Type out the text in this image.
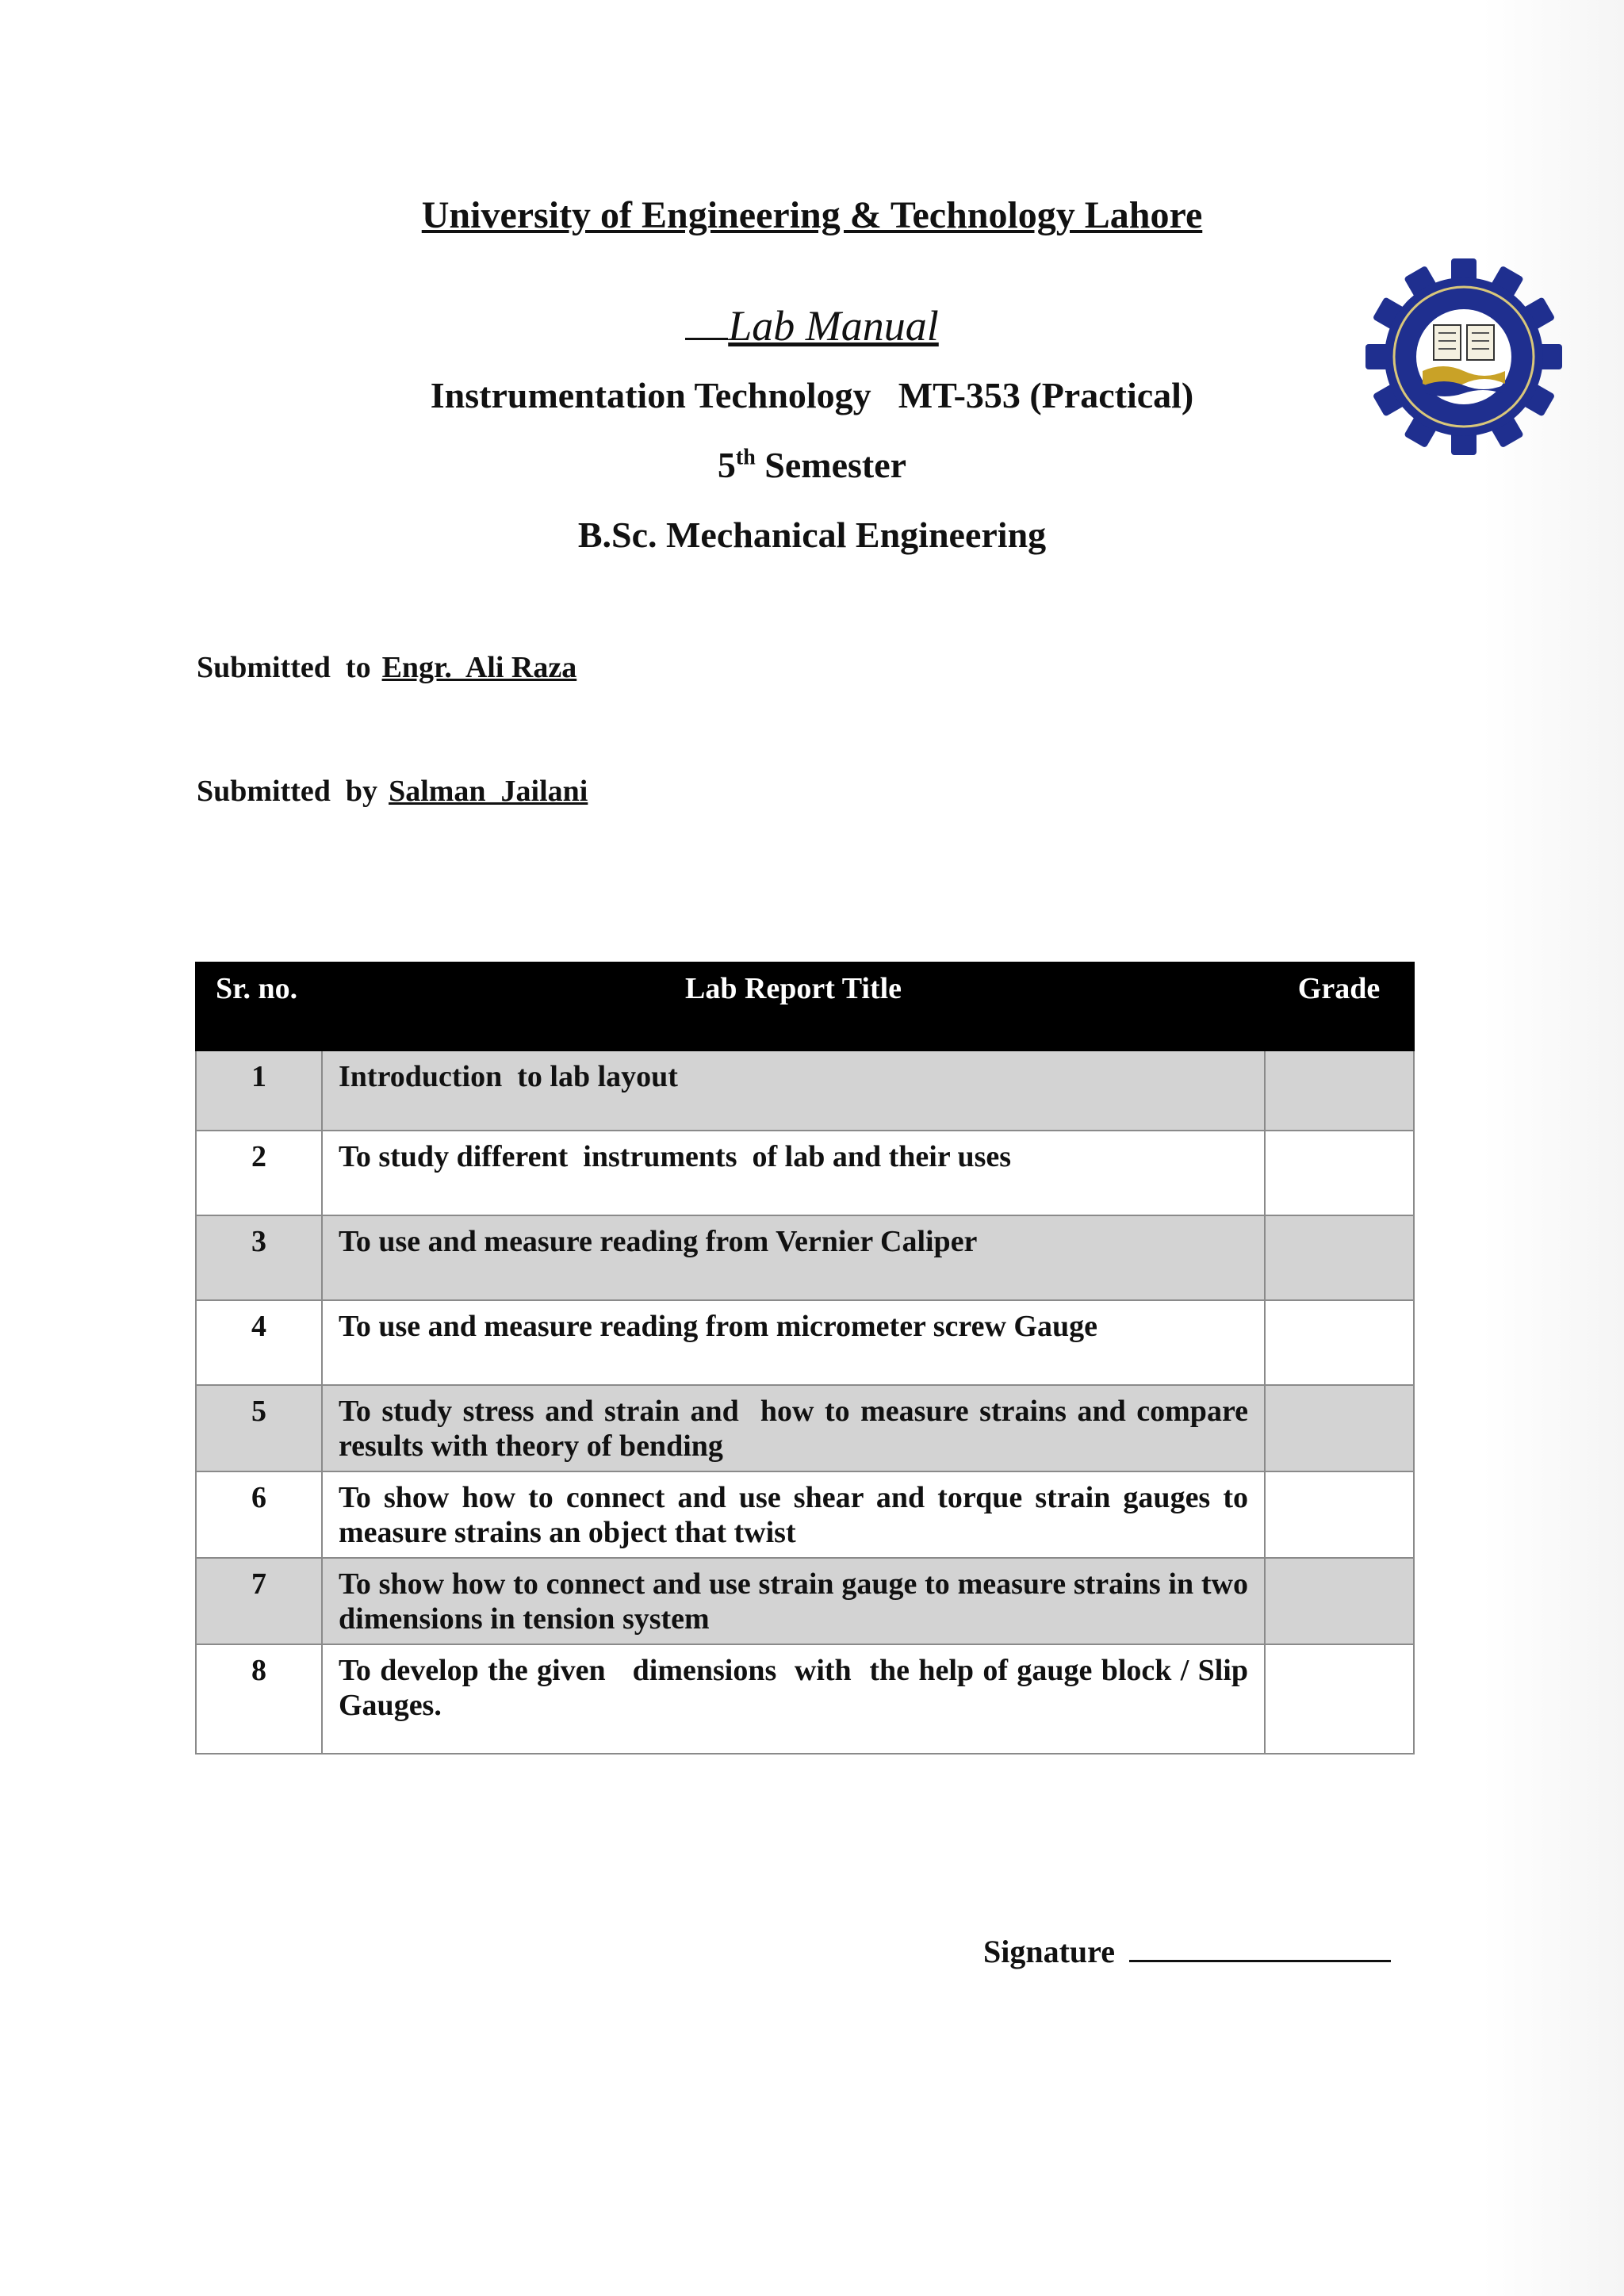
University of Engineering & Technology Lahore
Lab Manual
Instrumentation Technology MT-353 (Practical)
5th Semester
B.Sc. Mechanical Engineering
Submitted  to Engr.  Ali Raza
Submitted  by Salman  Jailani
Sr. no.	Lab Report Title	Grade
1	Introduction  to lab layout	
2	To study different  instruments  of lab and their uses	
3	To use and measure reading from Vernier Caliper	
4	To use and measure reading from micrometer screw Gauge	
5	To study stress and strain and  how to measure strains and compare results with theory of bending	
6	To show how to connect and use shear and torque strain gauges to measure strains an object that twist	
7	To show how to connect and use strain gauge to measure strains in two dimensions in tension system	
8	To develop the given   dimensions  with  the help of gauge block / Slip Gauges.	
Signature
